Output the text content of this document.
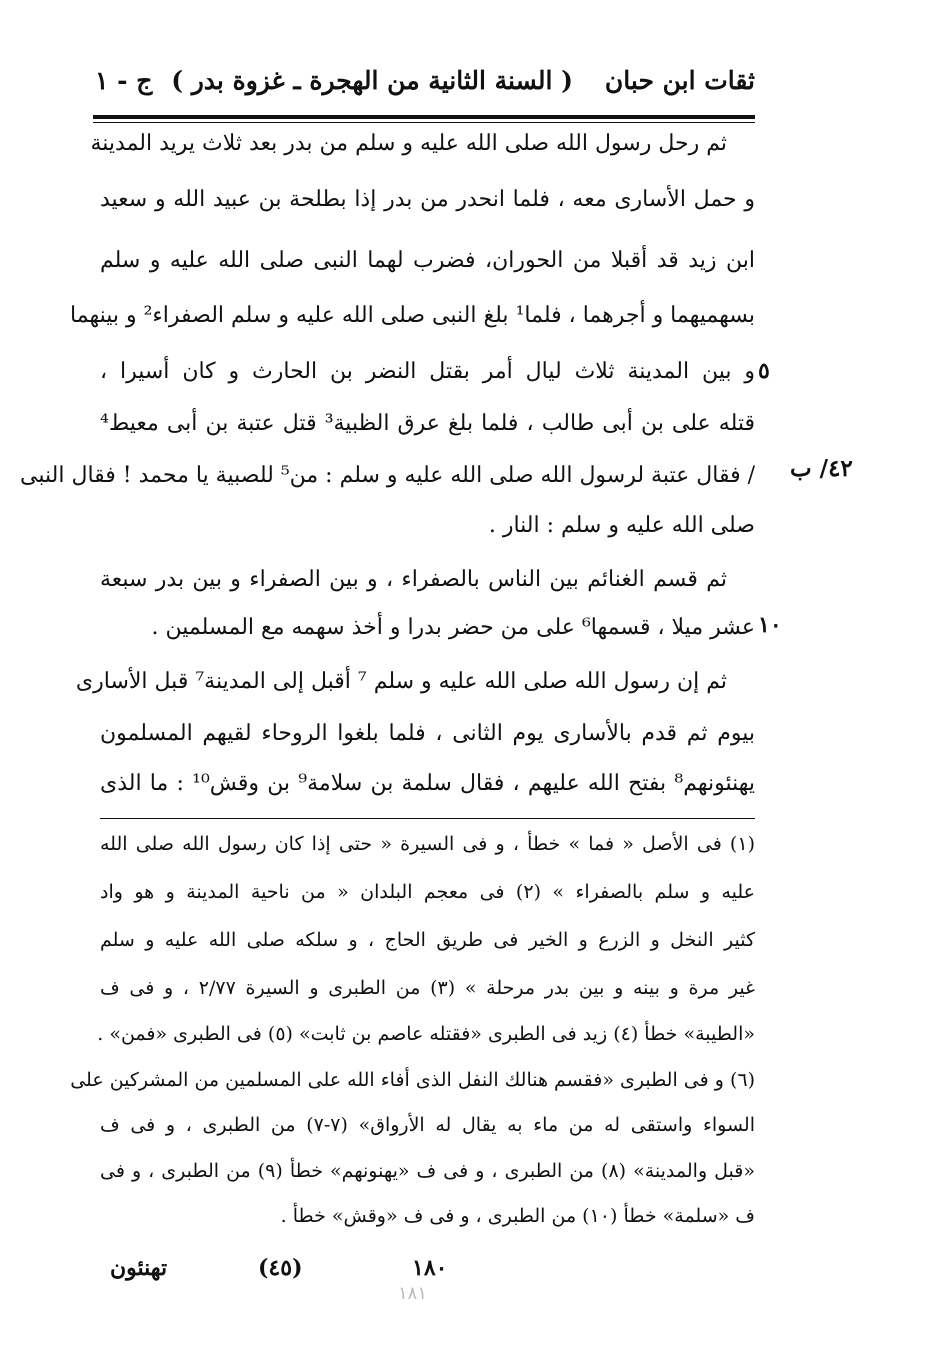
ثقات ابن حبان
( السنة الثانية من الهجرة ـ غزوة بدر )
ج - ١
ثم رحل رسول الله صلى الله عليه و سلم من بدر بعد ثلاث يريد المدينة
و حمل الأسارى معه ، فلما انحدر من بدر إذا بطلحة بن عبيد الله و سعيد
ابن زيد قد أقبلا من الحوران، فضرب لهما النبى صلى الله عليه و سلم
بسهميهما و أجرهما ، فلما¹ بلغ النبى صلى الله عليه و سلم الصفراء² و بينهما
و بين المدينة ثلاث ليال أمر بقتل النضر بن الحارث و كان أسيرا ،
قتله على بن أبى طالب ، فلما بلغ عرق الظبية³ قتل عتبة بن أبى معيط⁴
/ فقال عتبة لرسول الله صلى الله عليه و سلم : من⁵ للصبية يا محمد ! فقال النبى
صلى الله عليه و سلم : النار .
ثم قسم الغنائم بين الناس بالصفراء ، و بين الصفراء و بين بدر سبعة
عشر ميلا ، قسمها⁶ على من حضر بدرا و أخذ سهمه مع المسلمين .
ثم إن رسول الله صلى الله عليه و سلم ⁷ أقبل إلى المدينة⁷ قبل الأسارى
بيوم ثم قدم بالأسارى يوم الثانى ، فلما بلغوا الروحاء لقيهم المسلمون
يهنئونهم⁸ بفتح الله عليهم ، فقال سلمة بن سلامة⁹ بن وقش¹⁰ : ما الذى
٥
١٠
٤٢/ ب
(١) فى الأصل « فما » خطأ ، و فى السيرة « حتى إذا كان رسول الله صلى الله
عليه و سلم بالصفراء » (٢) فى معجم البلدان « من ناحية المدينة و هو واد
كثير النخل و الزرع و الخير فى طريق الحاج ، و سلكه صلى الله عليه و سلم
غير مرة و بينه و بين بدر مرحلة » (٣) من الطبرى و السيرة ٢/٧٧ ، و فى ف
«الطيبة» خطأ (٤) زيد فى الطبرى «فقتله عاصم بن ثابت» (٥) فى الطبرى «فمن» .
(٦) و فى الطبرى «فقسم هنالك النفل الذى أفاء الله على المسلمين من المشركين على
السواء واستقى له من ماء به يقال له الأرواق» (٧-٧) من الطبرى ، و فى ف
«قبل والمدينة» (٨) من الطبرى ، و فى ف «يهنونهم» خطأ (٩) من الطبرى ، و فى
ف «سلمة» خطأ (١٠) من الطبرى ، و فى ف «وقش» خطأ .
تهنئون	(٤٥)	١٨٠
١٨١
